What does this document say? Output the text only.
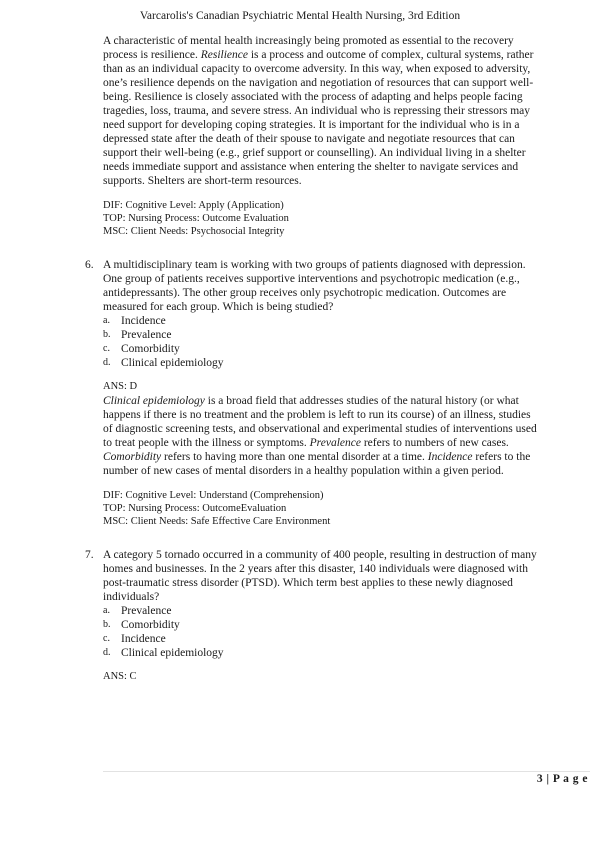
Varcarolis's Canadian Psychiatric Mental Health Nursing, 3rd Edition

A characteristic of mental health increasingly being promoted as essential to the recovery process is resilience. Resilience is a process and outcome of complex, cultural systems, rather than as an individual capacity to overcome adversity. In this way, when exposed to adversity, one’s resilience depends on the navigation and negotiation of resources that can support well-being. Resilience is closely associated with the process of adapting and helps people facing tragedies, loss, trauma, and severe stress. An individual who is repressing their stressors may need support for developing coping strategies. It is important for the individual who is in a depressed state after the death of their spouse to navigate and negotiate resources that can support their well-being (e.g., grief support or counselling). An individual living in a shelter needs immediate support and assistance when entering the shelter to navigate services and supports. Shelters are short-term resources.

DIF: Cognitive Level: Apply (Application)
TOP: Nursing Process: Outcome Evaluation
MSC: Client Needs: Psychosocial Integrity
6. A multidisciplinary team is working with two groups of patients diagnosed with depression. One group of patients receives supportive interventions and psychotropic medication (e.g., antidepressants). The other group receives only psychotropic medication. Outcomes are measured for each group. Which is being studied?

a. Incidence
b. Prevalence
c. Comorbidity
d. Clinical epidemiology
ANS: D

Clinical epidemiology is a broad field that addresses studies of the natural history (or what happens if there is no treatment and the problem is left to run its course) of an illness, studies of diagnostic screening tests, and observational and experimental studies of interventions used to treat people with the illness or symptoms. Prevalence refers to numbers of new cases. Comorbidity refers to having more than one mental disorder at a time. Incidence refers to the number of new cases of mental disorders in a healthy population within a given period.

DIF: Cognitive Level: Understand (Comprehension)
TOP: Nursing Process: OutcomeEvaluation
MSC: Client Needs: Safe Effective Care Environment
7. A category 5 tornado occurred in a community of 400 people, resulting in destruction of many homes and businesses. In the 2 years after this disaster, 140 individuals were diagnosed with post-traumatic stress disorder (PTSD). Which term best applies to these newly diagnosed individuals?

a. Prevalence
b. Comorbidity
c. Incidence
d. Clinical epidemiology
ANS: C
3 | P a g e
